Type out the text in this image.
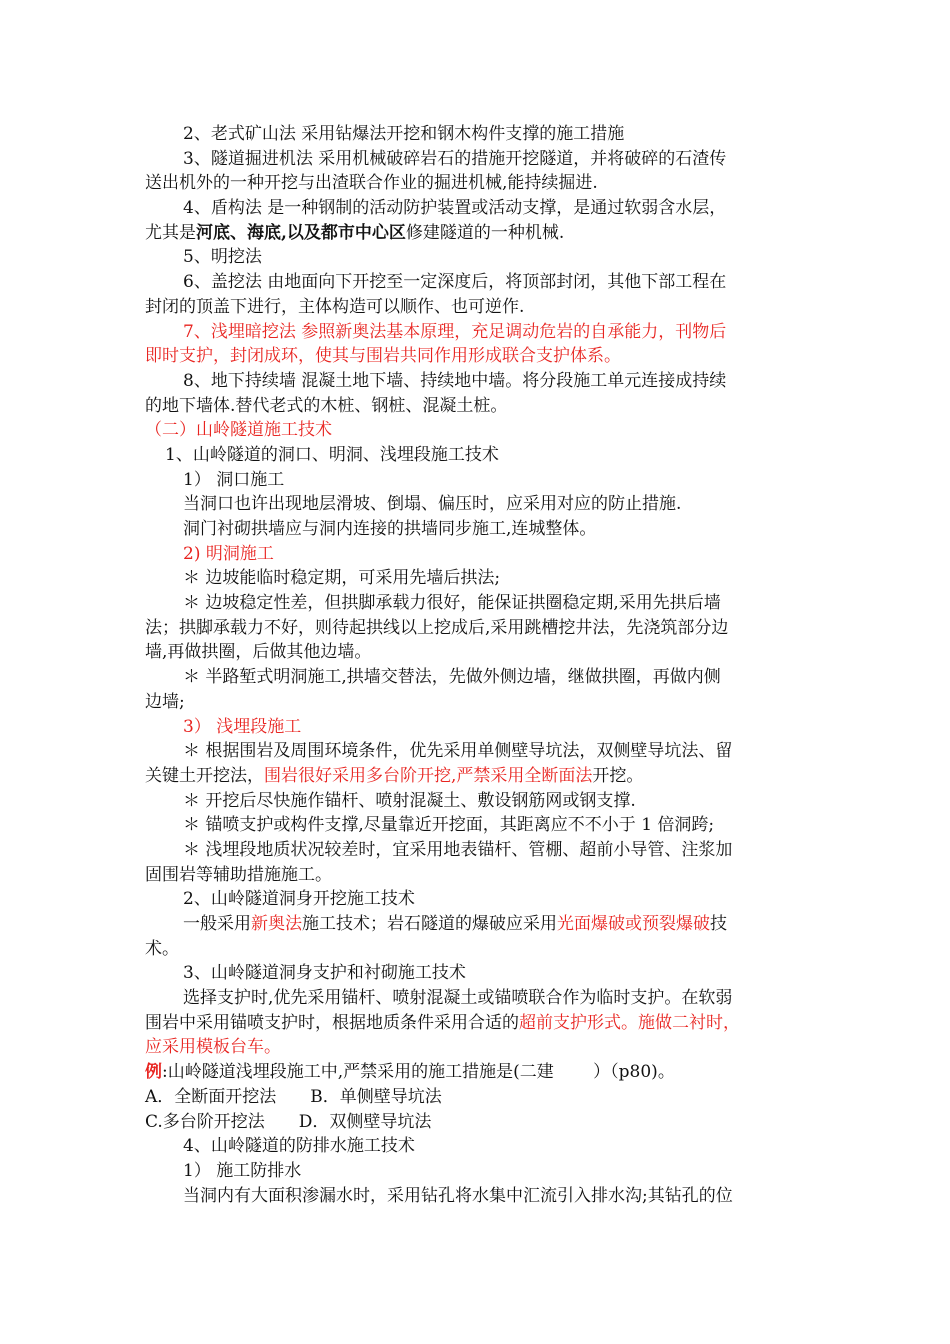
2、老式矿山法 采用钻爆法开挖和钢木构件支撑的施工措施
3、隧道掘进机法 采用机械破碎岩石的措施开挖隧道，并将破碎的石渣传
送出机外的一种开挖与出渣联合作业的掘进机械,能持续掘进.
4、盾构法 是一种钢制的活动防护装置或活动支撑，是通过软弱含水层，
尤其是河底、海底,以及都市中心区修建隧道的一种机械.
5、明挖法
6、盖挖法 由地面向下开挖至一定深度后，将顶部封闭，其他下部工程在
封闭的顶盖下进行，主体构造可以顺作、也可逆作.
7、浅埋暗挖法 参照新奥法基本原理，充足调动危岩的自承能力，刊物后
即时支护，封闭成环，使其与围岩共同作用形成联合支护体系。
8、地下持续墙 混凝土地下墙、持续地中墙。将分段施工单元连接成持续
的地下墙体.替代老式的木桩、钢桩、混凝土桩。
（二）山岭隧道施工技术
1、山岭隧道的洞口、明洞、浅埋段施工技术
1） 洞口施工
当洞口也许出现地层滑坡、倒塌、偏压时，应采用对应的防止措施.
洞门衬砌拱墙应与洞内连接的拱墙同步施工,连城整体。
2) 明洞施工
＊ 边坡能临时稳定期，可采用先墙后拱法;
＊ 边坡稳定性差，但拱脚承载力很好，能保证拱圈稳定期,采用先拱后墙
法；拱脚承载力不好，则待起拱线以上挖成后,采用跳槽挖井法，先浇筑部分边
墙,再做拱圈，后做其他边墙。
＊ 半路堑式明洞施工,拱墙交替法，先做外侧边墙，继做拱圈，再做内侧
边墙;
3） 浅埋段施工
＊ 根据围岩及周围环境条件，优先采用单侧壁导坑法，双侧壁导坑法、留
关键土开挖法，围岩很好采用多台阶开挖,严禁采用全断面法开挖。
＊ 开挖后尽快施作锚杆、喷射混凝土、敷设钢筋网或钢支撑.
＊ 锚喷支护或构件支撑,尽量靠近开挖面，其距离应不不小于 1 倍洞跨;
＊ 浅埋段地质状况较差时，宜采用地表锚杆、管棚、超前小导管、注浆加
固围岩等辅助措施施工。
2、山岭隧道洞身开挖施工技术
一般采用新奥法施工技术；岩石隧道的爆破应采用光面爆破或预裂爆破技
术。
3、山岭隧道洞身支护和衬砌施工技术
选择支护时,优先采用锚杆、喷射混凝土或锚喷联合作为临时支护。在软弱
围岩中采用锚喷支护时，根据地质条件采用合适的超前支护形式。施做二衬时，
应采用模板台车。
例:山岭隧道浅埋段施工中,严禁采用的施工措施是(二建　　 ）（p80)。
A．全断面开挖法　　B．单侧壁导坑法
C.多台阶开挖法　　D．双侧壁导坑法
4、山岭隧道的防排水施工技术
1） 施工防排水
当洞内有大面积渗漏水时，采用钻孔将水集中汇流引入排水沟;其钻孔的位
